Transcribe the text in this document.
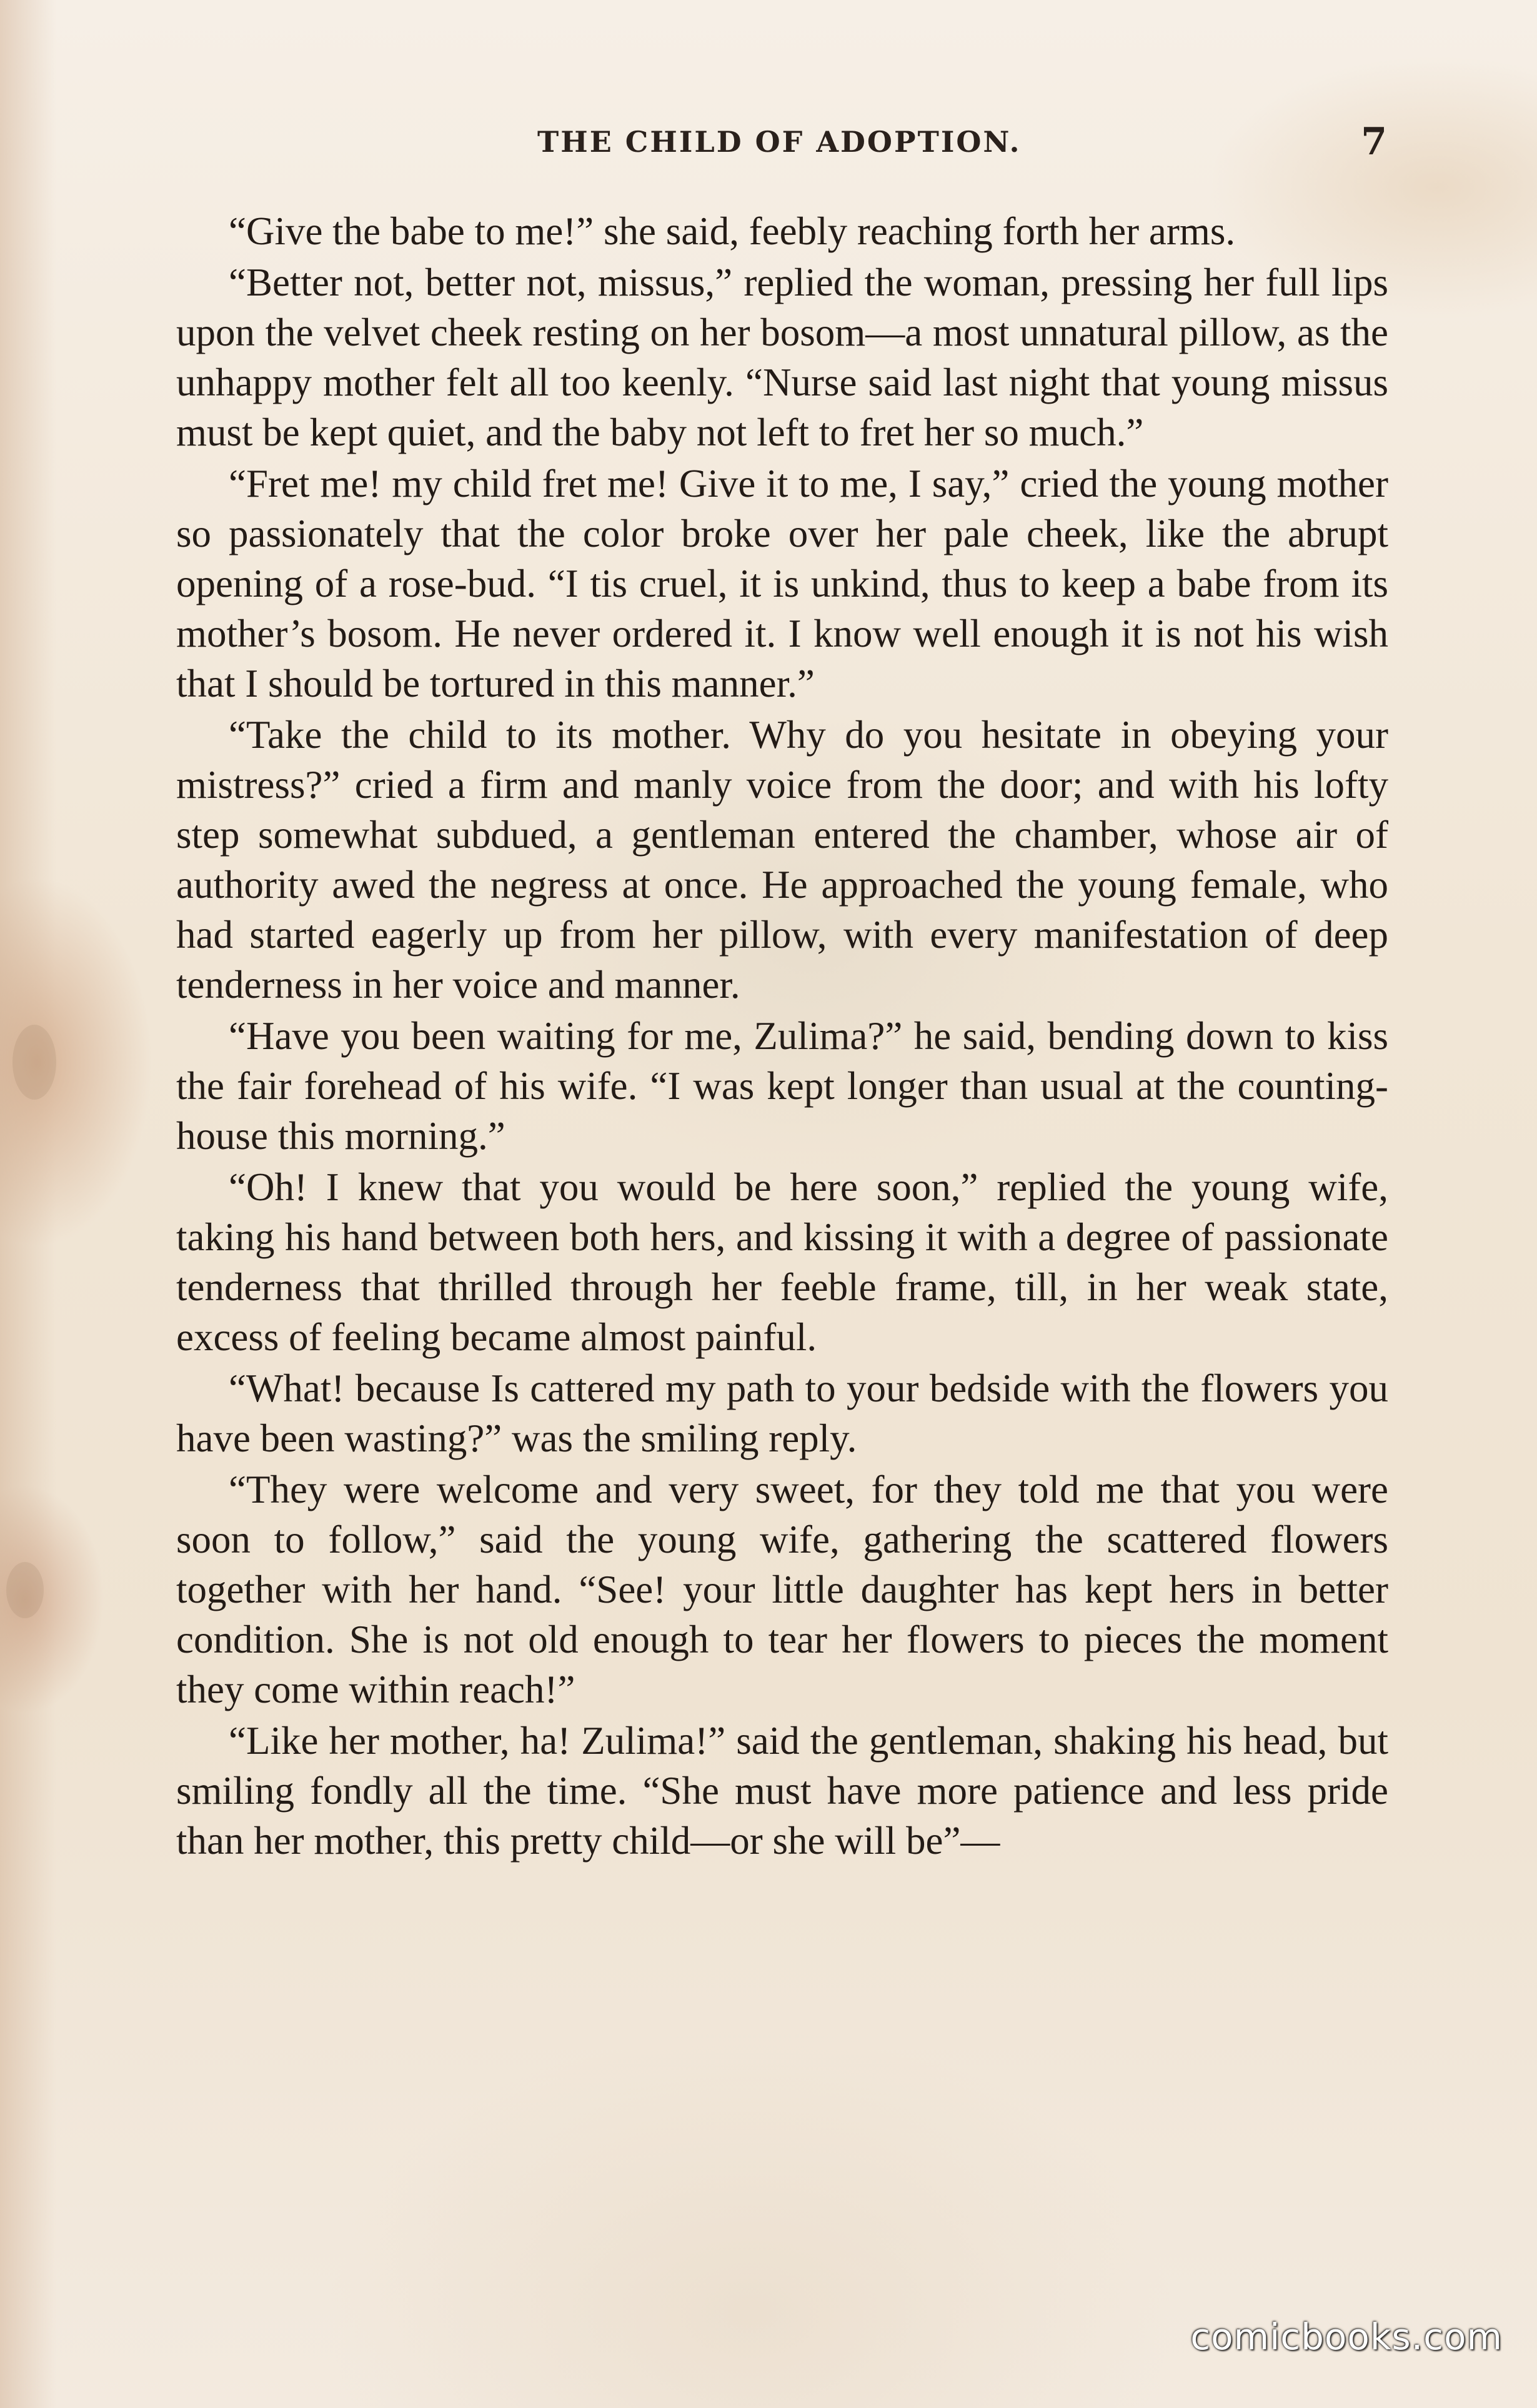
THE CHILD OF ADOPTION.	7

“Give the babe to me!” she said, feebly reaching forth her arms.

“Better not, better not, missus,” replied the woman, pressing her full lips upon the velvet cheek resting on her bosom—a most unnatural pillow, as the unhappy mother felt all too keenly. “Nurse said last night that young missus must be kept quiet, and the baby not left to fret her so much.”

“Fret me! my child fret me! Give it to me, I say,” cried the young mother so passionately that the color broke over her pale cheek, like the abrupt opening of a rose-bud. “I tis cruel, it is unkind, thus to keep a babe from its mother’s bosom. He never ordered it. I know well enough it is not his wish that I should be tortured in this manner.”

“Take the child to its mother. Why do you hesitate in obeying your mistress?” cried a firm and manly voice from the door; and with his lofty step somewhat subdued, a gentleman entered the chamber, whose air of authority awed the negress at once. He approached the young female, who had started eagerly up from her pillow, with every manifestation of deep tenderness in her voice and manner.

“Have you been waiting for me, Zulima?” he said, bending down to kiss the fair forehead of his wife. “I was kept longer than usual at the counting-house this morning.”

“Oh! I knew that you would be here soon,” replied the young wife, taking his hand between both hers, and kissing it with a degree of passionate tenderness that thrilled through her feeble frame, till, in her weak state, excess of feeling became almost painful.

“What! because Is cattered my path to your bedside with the flowers you have been wasting?” was the smiling reply.

“They were welcome and very sweet, for they told me that you were soon to follow,” said the young wife, gathering the scattered flowers together with her hand. “See! your little daughter has kept hers in better condition. She is not old enough to tear her flowers to pieces the moment they come within reach!”

“Like her mother, ha! Zulima!” said the gentleman, shaking his head, but smiling fondly all the time. “She must have more patience and less pride than her mother, this pretty child—or she will be”—

comicbooks.com
